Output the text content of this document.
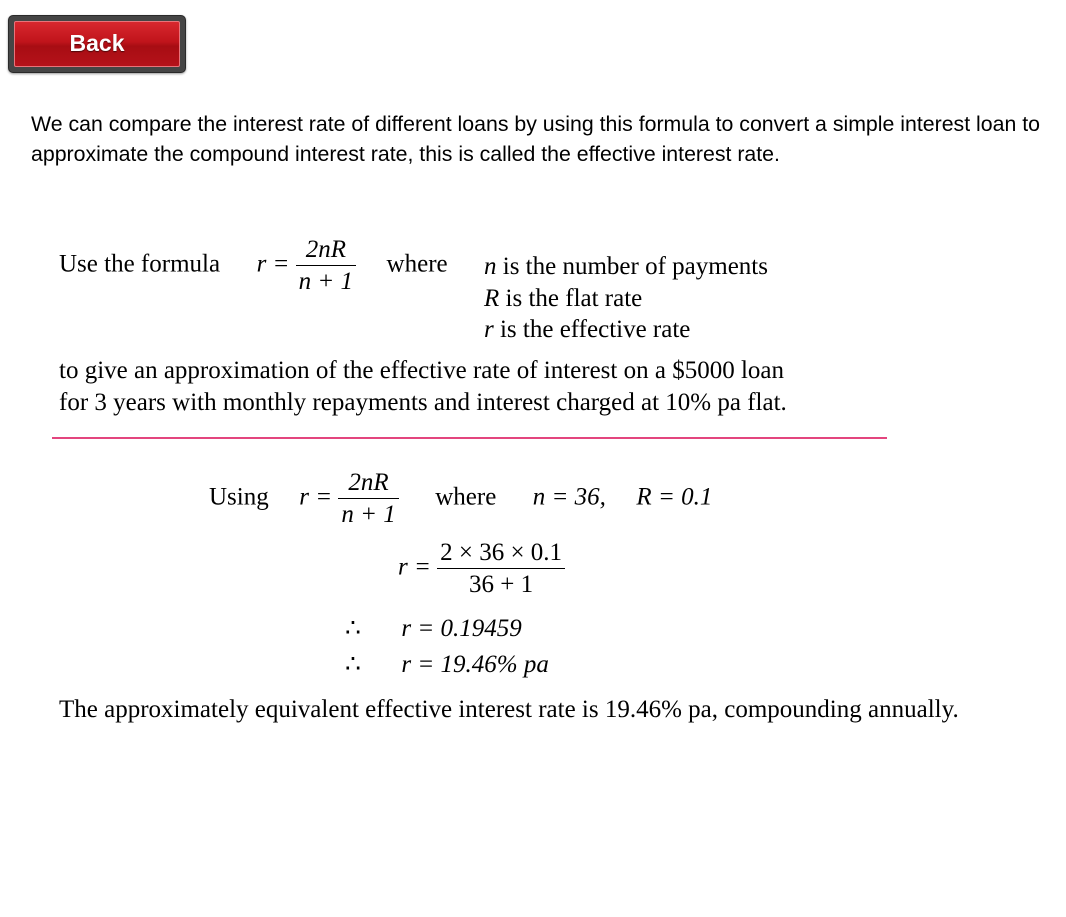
Back

We can compare the interest rate of different loans by using this formula to convert a simple interest loan to approximate the compound interest rate, this is called the effective interest rate.

Use the formula $r = \frac{2nR}{n + 1}$ where n is the number of payments
R is the flat rate
r is the effective rate
to give an approximation of the effective rate of interest on a $5000 loan
for 3 years with monthly repayments and interest charged at 10% pa flat.
Using $r = \frac{2nR}{n + 1}$ where n = 36, R = 0.1
$r = \frac{2 \times 36 \times 0.1}{36 + 1}$
∴ r = 0.19459
∴ r = 19.46% pa
The approximately equivalent effective interest rate is 19.46% pa, compounding annually.
